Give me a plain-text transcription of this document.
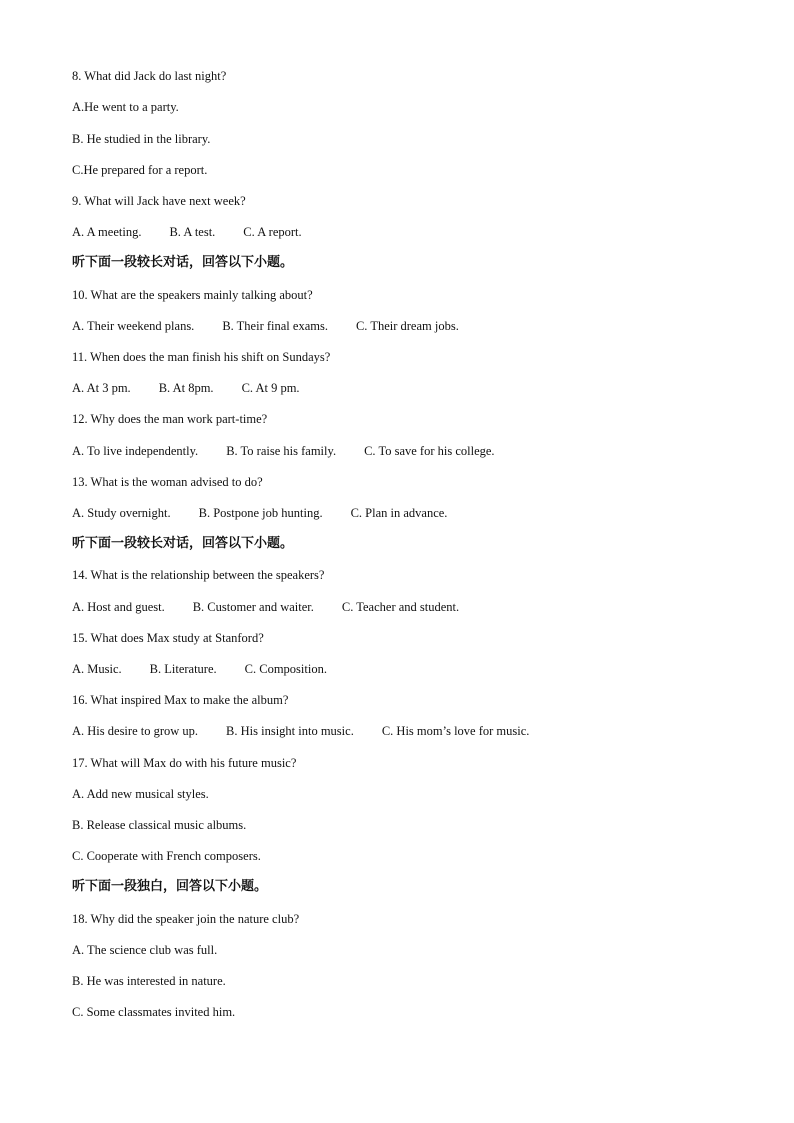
8. What did Jack do last night?
A.He went to a party.
B. He studied in the library.
C.He prepared for a report.
9. What will Jack have next week?
A. A meeting. B. A test. C. A report.
听下面一段较长对话，回答以下小题。
10. What are the speakers mainly talking about?
A. Their weekend plans. B. Their final exams. C. Their dream jobs.
11. When does the man finish his shift on Sundays?
A. At 3 pm. B. At 8pm. C. At 9 pm.
12. Why does the man work part-time?
A. To live independently. B. To raise his family. C. To save for his college.
13. What is the woman advised to do?
A. Study overnight. B. Postpone job hunting. C. Plan in advance.
听下面一段较长对话，回答以下小题。
14. What is the relationship between the speakers?
A. Host and guest. B. Customer and waiter. C. Teacher and student.
15. What does Max study at Stanford?
A. Music. B. Literature. C. Composition.
16. What inspired Max to make the album?
A. His desire to grow up. B. His insight into music. C. His mom’s love for music.
17. What will Max do with his future music?
A. Add new musical styles.
B. Release classical music albums.
C. Cooperate with French composers.
听下面一段独白，回答以下小题。
18. Why did the speaker join the nature club?
A. The science club was full.
B. He was interested in nature.
C. Some classmates invited him.
